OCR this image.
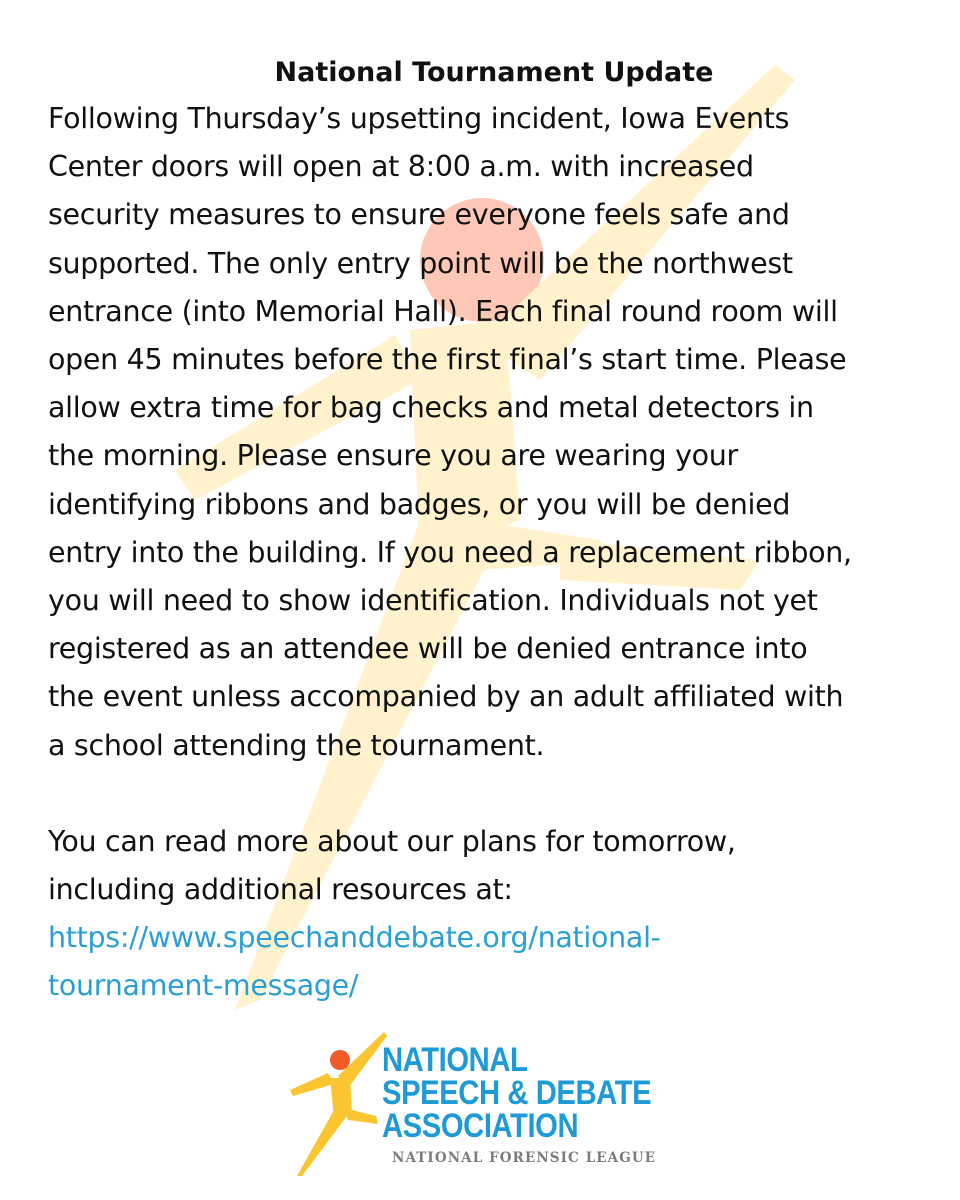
National Tournament Update
Following Thursday’s upsetting incident, Iowa Events
Center doors will open at 8:00 a.m. with increased
security measures to ensure everyone feels safe and
supported. The only entry point will be the northwest
entrance (into Memorial Hall). Each final round room will
open 45 minutes before the first final’s start time. Please
allow extra time for bag checks and metal detectors in
the morning. Please ensure you are wearing your
identifying ribbons and badges, or you will be denied
entry into the building. If you need a replacement ribbon,
you will need to show identification. Individuals not yet
registered as an attendee will be denied entrance into
the event unless accompanied by an adult affiliated with
a school attending the tournament.
You can read more about our plans for tomorrow,
including additional resources at:
https://www.speechanddebate.org/national-
tournament-message/
NATIONAL
SPEECH & DEBATE
ASSOCIATION
NATIONAL FORENSIC LEAGUE
